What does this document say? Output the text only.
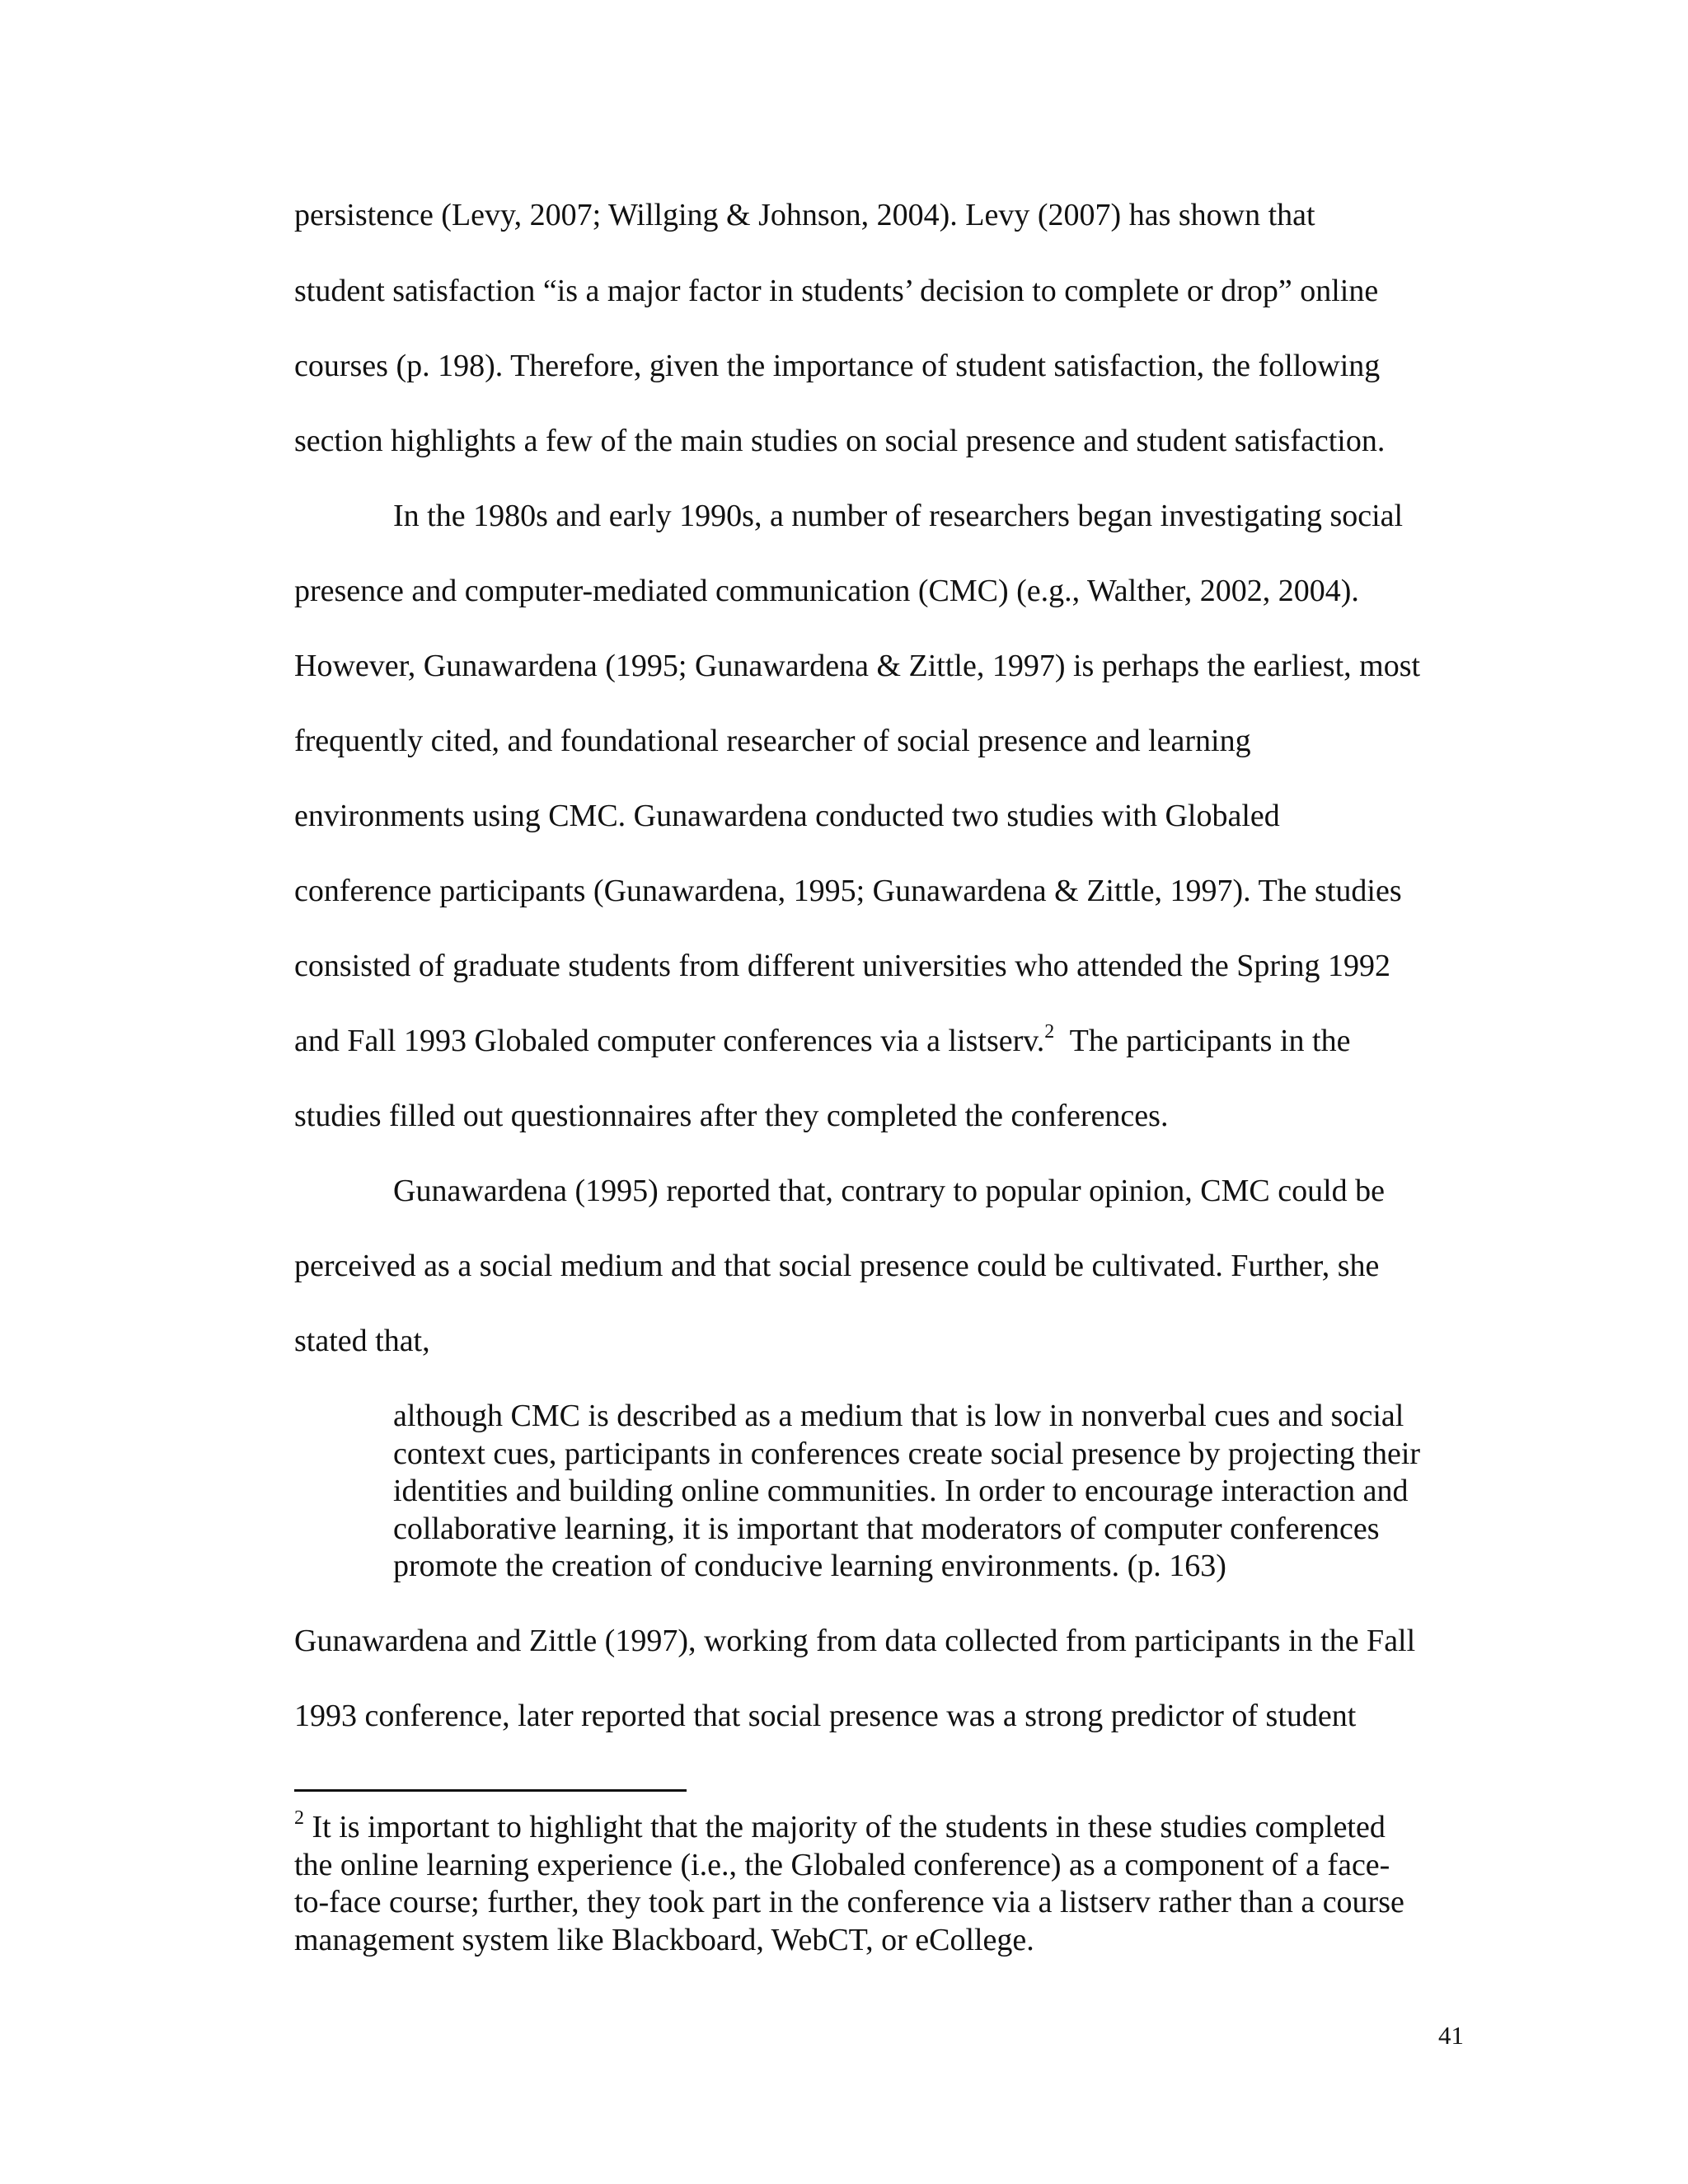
persistence (Levy, 2007; Willging & Johnson, 2004). Levy (2007) has shown that

student satisfaction “is a major factor in students’ decision to complete or drop” online

courses (p. 198). Therefore, given the importance of student satisfaction, the following

section highlights a few of the main studies on social presence and student satisfaction.

In the 1980s and early 1990s, a number of researchers began investigating social

presence and computer-mediated communication (CMC) (e.g., Walther, 2002, 2004).

However, Gunawardena (1995; Gunawardena & Zittle, 1997) is perhaps the earliest, most

frequently cited, and foundational researcher of social presence and learning

environments using CMC. Gunawardena conducted two studies with Globaled

conference participants (Gunawardena, 1995; Gunawardena & Zittle, 1997). The studies

consisted of graduate students from different universities who attended the Spring 1992

and Fall 1993 Globaled computer conferences via a listserv.$^2$  The participants in the

studies filled out questionnaires after they completed the conferences.

Gunawardena (1995) reported that, contrary to popular opinion, CMC could be

perceived as a social medium and that social presence could be cultivated. Further, she

stated that,

although CMC is described as a medium that is low in nonverbal cues and social

context cues, participants in conferences create social presence by projecting their

identities and building online communities. In order to encourage interaction and

collaborative learning, it is important that moderators of computer conferences

promote the creation of conducive learning environments. (p. 163)

Gunawardena and Zittle (1997), working from data collected from participants in the Fall

1993 conference, later reported that social presence was a strong predictor of student

$^2$ It is important to highlight that the majority of the students in these studies completed

the online learning experience (i.e., the Globaled conference) as a component of a face-

to-face course; further, they took part in the conference via a listserv rather than a course

management system like Blackboard, WebCT, or eCollege.

41
